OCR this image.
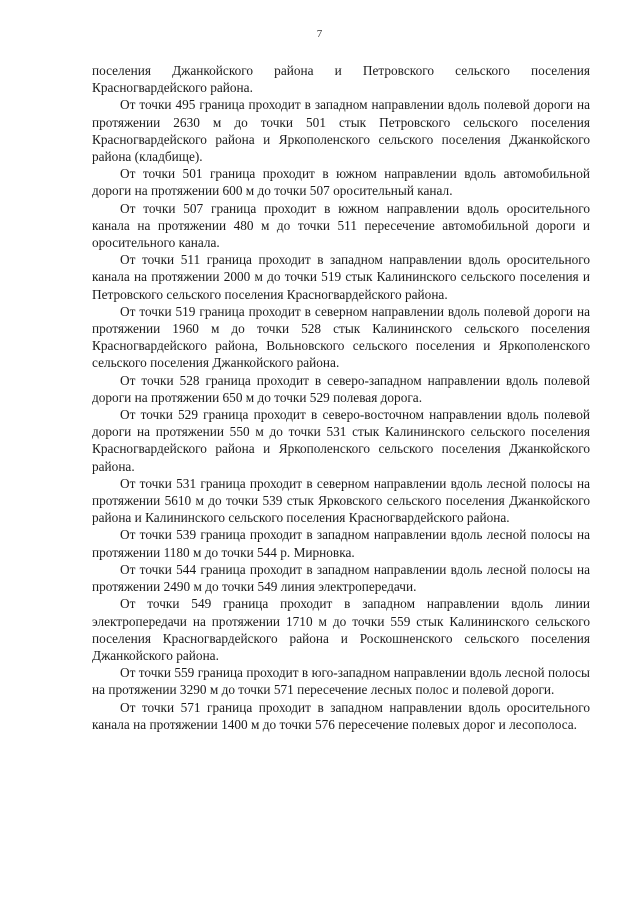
7

поселения Джанкойского района и Петровского сельского поселения Красногвардейского района.

От точки 495 граница проходит в западном направлении вдоль полевой дороги на протяжении 2630 м до точки 501 стык Петровского сельского поселения Красногвардейского района и Яркополенского сельского поселения Джанкойского района (кладбище).

От точки 501 граница проходит в южном направлении вдоль автомобильной дороги на протяжении 600 м до точки 507 оросительный канал.

От точки 507 граница проходит в южном направлении вдоль оросительного канала на протяжении 480 м до точки 511 пересечение автомобильной дороги и оросительного канала.

От точки 511 граница проходит в западном направлении вдоль оросительного канала на протяжении 2000 м до точки 519 стык Калининского сельского поселения и Петровского сельского поселения Красногвардейского района.

От точки 519 граница проходит в северном направлении вдоль полевой дороги на протяжении 1960 м до точки 528 стык Калининского сельского поселения Красногвардейского района, Вольновского сельского поселения и Яркополенского сельского поселения Джанкойского района.

От точки 528 граница проходит в северо-западном направлении вдоль полевой дороги на протяжении 650 м до точки 529 полевая дорога.

От точки 529 граница проходит в северо-восточном направлении вдоль полевой дороги на протяжении 550 м до точки 531 стык Калининского сельского поселения Красногвардейского района и Яркополенского сельского поселения Джанкойского района.

От точки 531 граница проходит в северном направлении вдоль лесной полосы на протяжении 5610 м до точки 539 стык Ярковского сельского поселения Джанкойского района и Калининского сельского поселения Красногвардейского района.

От точки 539 граница проходит в западном направлении вдоль лесной полосы на протяжении 1180 м до точки 544 р. Мирновка.

От точки 544 граница проходит в западном направлении вдоль лесной полосы на протяжении 2490 м до точки 549 линия электропередачи.

От точки 549 граница проходит в западном направлении вдоль линии электропередачи на протяжении 1710 м до точки 559 стык Калининского сельского поселения Красногвардейского района и Роскошненского сельского поселения Джанкойского района.

От точки 559 граница проходит в юго-западном направлении вдоль лесной полосы на протяжении 3290 м до точки 571 пересечение лесных полос и полевой дороги.

От точки 571 граница проходит в западном направлении вдоль оросительного канала на протяжении 1400 м до точки 576 пересечение полевых дорог и лесополоса.
